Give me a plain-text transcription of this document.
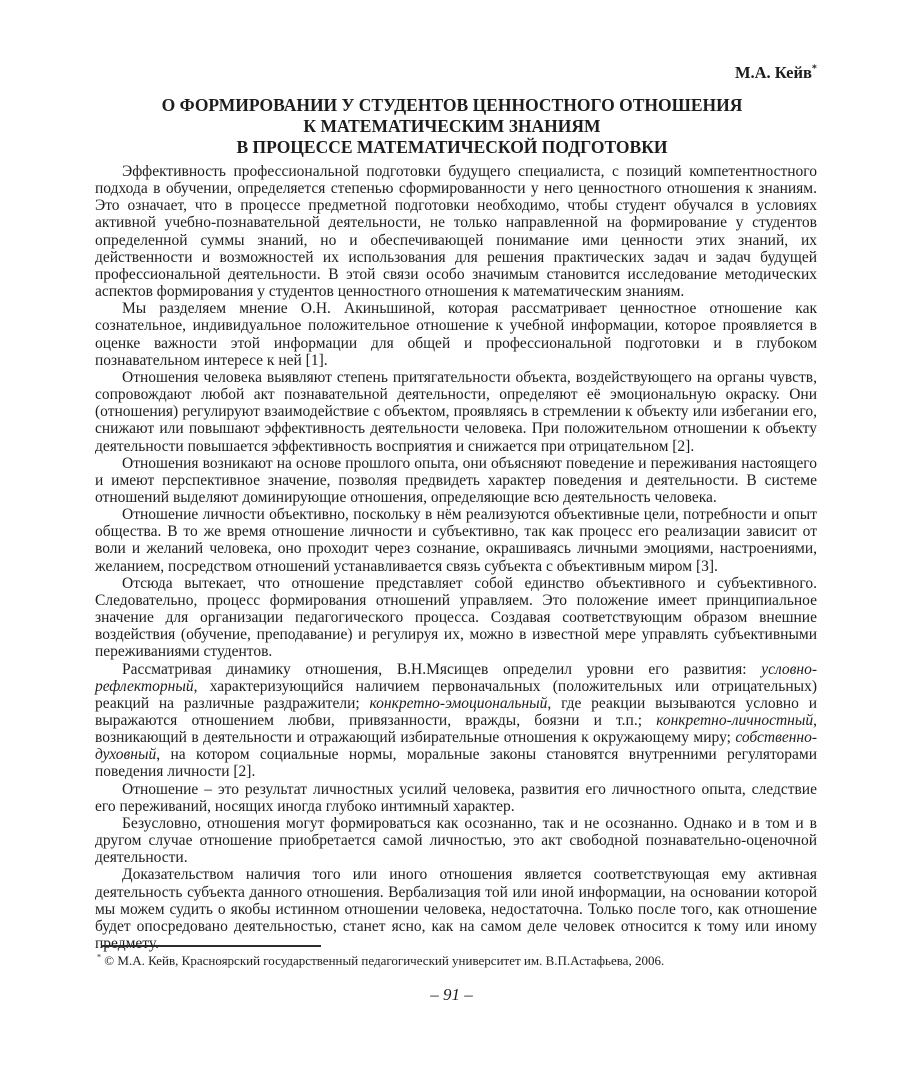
М.А. Кейв*
О ФОРМИРОВАНИИ У СТУДЕНТОВ ЦЕННОСТНОГО ОТНОШЕНИЯ
К МАТЕМАТИЧЕСКИМ ЗНАНИЯМ
В ПРОЦЕССЕ МАТЕМАТИЧЕСКОЙ ПОДГОТОВКИ

Эффективность профессиональной подготовки будущего специалиста, с позиций компетентностного подхода в обучении, определяется степенью сформированности у него ценностного отношения к знаниям. Это означает, что в процессе предметной подготовки необходимо, чтобы студент обучался в условиях активной учебно-познавательной деятельности, не только направленной на формирование у студентов определенной суммы знаний, но и обеспечивающей понимание ими ценности этих знаний, их действенности и возможностей их использования для решения практических задач и задач будущей профессиональной деятельности. В этой связи особо значимым становится исследование методических аспектов формирования у студентов ценностного отношения к математическим знаниям.

Мы разделяем мнение О.Н. Акиньшиной, которая рассматривает ценностное отношение как сознательное, индивидуальное положительное отношение к учебной информации, которое проявляется в оценке важности этой информации для общей и профессиональной подготовки и в глубоком познавательном интересе к ней [1].

Отношения человека выявляют степень притягательности объекта, воздействующего на органы чувств, сопровождают любой акт познавательной деятельности, определяют её эмоциональную окраску. Они (отношения) регулируют взаимодействие с объектом, проявляясь в стремлении к объекту или избегании его, снижают или повышают эффективность деятельности человека. При положительном отношении к объекту деятельности повышается эффективность восприятия и снижается при отрицательном [2].

Отношения возникают на основе прошлого опыта, они объясняют поведение и переживания настоящего и имеют перспективное значение, позволяя предвидеть характер поведения и деятельности. В системе отношений выделяют доминирующие отношения, определяющие всю деятельность человека.

Отношение личности объективно, поскольку в нём реализуются объективные цели, потребности и опыт общества. В то же время отношение личности и субъективно, так как процесс его реализации зависит от воли и желаний человека, оно проходит через сознание, окрашиваясь личными эмоциями, настроениями, желанием, посредством отношений устанавливается связь субъекта с объективным миром [3].

Отсюда вытекает, что отношение представляет собой единство объективного и субъективного. Следовательно, процесс формирования отношений управляем. Это положение имеет принципиальное значение для организации педагогического процесса. Создавая соответствующим образом внешние воздействия (обучение, преподавание) и регулируя их, можно в известной мере управлять субъективными переживаниями студентов.

Рассматривая динамику отношения, В.Н.Мясищев определил уровни его развития: условно-рефлекторный, характеризующийся наличием первоначальных (положительных или отрицательных) реакций на различные раздражители; конкретно-эмоциональный, где реакции вызываются условно и выражаются отношением любви, привязанности, вражды, боязни и т.п.; конкретно-личностный, возникающий в деятельности и отражающий избирательные отношения к окружающему миру; собственно-духовный, на котором социальные нормы, моральные законы становятся внутренними регуляторами поведения личности [2].

Отношение – это результат личностных усилий человека, развития его личностного опыта, следствие его переживаний, носящих иногда глубоко интимный характер.

Безусловно, отношения могут формироваться как осознанно, так и не осознанно. Однако и в том и в другом случае отношение приобретается самой личностью, это акт свободной познавательно-оценочной деятельности.

Доказательством наличия того или иного отношения является соответствующая ему активная деятельность субъекта данного отношения. Вербализация той или иной информации, на основании которой мы можем судить о якобы истинном отношении человека, недостаточна. Только после того, как отношение будет опосредовано деятельностью, станет ясно, как на самом деле человек относится к тому или иному предмету.

* © М.А. Кейв, Красноярский государственный педагогический университет им. В.П.Астафьева, 2006.
– 91 –
